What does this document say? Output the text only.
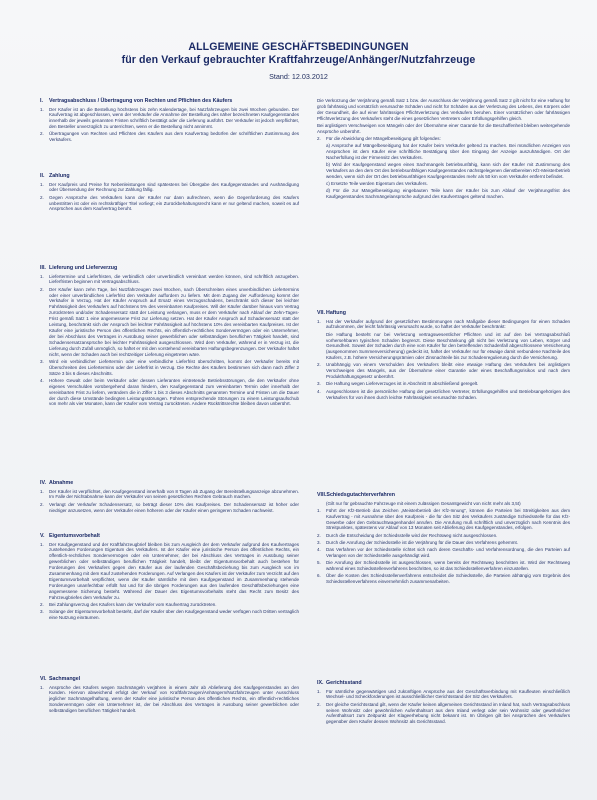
ALLGEMEINE GESCHÄFTSBEDINGUNGEN
für den Verkauf gebrauchter Kraftfahrzeuge/Anhänger/Nutzfahrzeuge
Stand: 12.03.2012
I.	Vertragsabschluss / Übertragung von Rechten und Pflichten des Käufers
1.	Der Käufer ist an die Bestellung höchstens bis zehn Kalendertage, bei Nutzfahrzeugen bis zwei Wochen gebunden. Der Kaufvertrag ist abgeschlossen, wenn der Verkäufer die Annahme der Bestellung des näher bezeichneten Kaufgegenstandes innerhalb der jeweils genannten Fristen schriftlich bestätigt oder die Lieferung ausführt. Der Verkäufer ist jedoch verpflichtet, den Besteller unverzüglich zu unterrichten, wenn er die Bestellung nicht annimmt.

2.	Übertragungen von Rechten und Pflichten des Käufers aus dem Kaufvertrag bedürfen der schriftlichen Zustimmung des Verkäufers.

II. Zahlung
1.	Der Kaufpreis und Preise für Nebenleistungen sind spätestens bei Übergabe des Kaufgegenstandes und Aushändigung oder Übersendung der Rechnung zur Zahlung fällig.

2.	Gegen Ansprüche des Verkäufers kann der Käufer nur dann aufrechnen, wenn die Gegenforderung des Käufers unbestritten ist oder ein rechtskräftiger Titel vorliegt; ein Zurückbehaltungsrecht kann er nur geltend machen, soweit es auf Ansprüchen aus dem Kaufvertrag beruht.

III. Lieferung und Lieferverzug
1.	Liefertermine und Lieferfristen, die verbindlich oder unverbindlich vereinbart werden können, sind schriftlich anzugeben. Lieferfristen beginnen mit Vertragsabschluss.

2.	Der Käufer kann zehn Tage, bei Nutzfahrzeugen zwei Wochen, nach Überschreiten eines unverbindlichen Liefertermins oder einer unverbindlichen Lieferfrist den Verkäufer auffordern zu liefern. Mit dem Zugang der Aufforderung kommt der Verkäufer in Verzug. Hat der Käufer Anspruch auf Ersatz eines Verzugsschadens, beschränkt sich dieser bei leichter Fahrlässigkeit des Verkäufers auf höchstens 5% des vereinbarten Kaufpreises. Will der Käufer darüber hinaus vom Vertrag zurücktreten und/oder Schadensersatz statt der Leistung verlangen, muss er dem Verkäufer nach Ablauf der Zehn-Tages-Frist gemäß Satz 1 eine angemessene Frist zur Lieferung setzen. Hat der Käufer Anspruch auf Schadensersatz statt der Leistung, beschränkt sich der Anspruch bei leichter Fahrlässigkeit auf höchstens 10% des vereinbarten Kaufpreises. Ist der Käufer eine juristische Person des öffentlichen Rechts, ein öffentlich-rechtliches Sondervermögen oder ein Unternehmer, der bei Abschluss des Vertrages in Ausübung seiner gewerblichen oder selbständigen beruflichen Tätigkeit handelt, sind Schadensersatzansprüche bei leichter Fahrlässigkeit ausgeschlossen. Wird dem Verkäufer, während er in Verzug ist, die Lieferung durch Zufall unmöglich, so haftet er mit den vorstehend vereinbarten Haftungsbegrenzungen. Der Verkäufer haftet nicht, wenn der Schaden auch bei rechtzeitiger Lieferung eingetreten wäre.

3.	Wird ein verbindlicher Liefertermin oder eine verbindliche Lieferfrist überschritten, kommt der Verkäufer bereits mit Überschreiten des Liefertermins oder der Lieferfrist in Verzug. Die Rechte des Käufers bestimmen sich dann nach Ziffer 2 Sätze 3 bis 6 dieses Abschnitts.

4.	Höhere Gewalt oder beim Verkäufer oder dessen Lieferanten eintretende Betriebsstörungen, die den Verkäufer ohne eigenes Verschulden vorübergehend daran hindern, den Kaufgegenstand zum vereinbarten Termin oder innerhalb der vereinbarten Frist zu liefern, verändern die in Ziffer 1 bis 3 dieses Abschnitts genannten Termine und Fristen um die Dauer der durch diese Umstände bedingten Leistungsstörungen. Führen entsprechende Störungen zu einem Leistungsaufschub von mehr als vier Monaten, kann der Käufer vom Vertrag zurücktreten. Andere Rücktrittsrechte bleiben davon unberührt.

IV. Abnahme
1.	Der Käufer ist verpflichtet, den Kaufgegenstand innerhalb von 8 Tagen ab Zugang der Bereitstellungsanzeige abzunehmen. Im Falle der Nichtabnahme kann der Verkäufer von seinen gesetzlichen Rechten Gebrauch machen.

2.	Verlangt der Verkäufer Schadensersatz, so beträgt dieser 10% des Kaufpreises. Der Schadensersatz ist höher oder niedriger anzusetzen, wenn der Verkäufer einen höheren oder der Käufer einen geringeren Schaden nachweist.

V. Eigentumsvorbehalt
1.	Der Kaufgegenstand und der Kraftfahrzeugbrief bleiben bis zum Ausgleich der dem Verkäufer aufgrund des Kaufvertrages zustehenden Forderungen Eigentum des Verkäufers. Ist der Käufer eine juristische Person des öffentlichen Rechts, ein öffentlich-rechtliches Sondervermögen oder ein Unternehmer, der bei Abschluss des Vertrages in Ausübung seiner gewerblichen oder selbständigen beruflichen Tätigkeit handelt, bleibt der Eigentumsvorbehalt auch bestehen für Forderungen des Verkäufers gegen den Käufer aus der laufenden Geschäftsbeziehung bis zum Ausgleich von im Zusammenhang mit dem Kauf zustehenden Forderungen. Auf Verlangen des Käufers ist der Verkäufer zum Verzicht auf den Eigentumsvorbehalt verpflichtet, wenn der Käufer sämtliche mit dem Kaufgegenstand im Zusammenhang stehende Forderungen unanfechtbar erfüllt hat und für die übrigen Forderungen aus den laufenden Geschäftsbeziehungen eine angemessene Sicherung besteht. Während der Dauer des Eigentumsvorbehalts steht das Recht zum Besitz des Fahrzeugbriefes dem Verkäufer zu.

2.	Bei Zahlungsverzug des Käufers kann der Verkäufer vom Kaufvertrag zurücktreten.

3.	Solange der Eigentumsvorbehalt besteht, darf der Käufer über den Kaufgegenstand weder verfügen noch Dritten vertraglich eine Nutzung einräumen.

VI. Sachmangel
1.	Ansprüche des Käufers wegen Sachmängeln verjähren in einem Jahr ab Ablieferung des Kaufgegenstandes an den Kunden. Hiervon abweichend erfolgt der Verkauf von Kraftfahrzeugen/Anhängern/Nutzfahrzeugen unter Ausschluss jeglicher Sachmängelhaftung, wenn der Käufer eine juristische Person des öffentlichen Rechts, ein öffentlich-rechtliches Sondervermögen oder ein Unternehmer ist, der bei Abschluss des Vertrages in Ausübung seiner gewerblichen oder selbständigen beruflichen Tätigkeit handelt.

Die Verkürzung der Verjährung gemäß Satz 1 bzw. der Ausschluss der Verjährung gemäß Satz 2 gilt nicht für eine Haftung für grob fahrlässig und vorsätzlich verursachte Schäden und nicht für Schäden aus der Verletzung des Lebens, des Körpers oder der Gesundheit, die auf einer fahrlässigen Pflichtverletzung des Verkäufers beruhen. Einer vorsätzlichen oder fahrlässigen Pflichtverletzung des Verkäufers steht die eines gesetzlichen Vertreters oder Erfüllungsgehilfen gleich.

Bei arglistigem Verschweigen von Mängeln oder der Übernahme einer Garantie für die Beschaffenheit bleiben weitergehende Ansprüche unberührt.

2.	Für die Abwicklung der Mängelbeseitigung gilt folgendes:

a) Ansprüche auf Mängelbeseitigung hat der Käufer beim Verkäufer geltend zu machen. Bei mündlichen Anzeigen von Ansprüchen ist dem Käufer eine schriftliche Bestätigung über den Eingang der Anzeige auszuhändigen. Ort der Nacherfüllung ist der Firmensitz des Verkäufers.

b) Wird der Kaufgegenstand wegen eines Sachmangels betriebsunfähig, kann sich der Käufer mit Zustimmung des Verkäufers an den dem Ort des betriebsunfähigen Kaufgegenstandes nächstgelegenen dienstbereiten Kfz-Meisterbetrieb wenden, wenn sich der Ort des betriebsunfähigen Kaufgegenstandes mehr als 50 km vom Verkäufer entfernt befindet.

c) Ersetzte Teile werden Eigentum des Verkäufers.

d) Für die zur Mängelbeseitigung eingebauten Teile kann der Käufer bis zum Ablauf der Verjährungsfrist des Kaufgegenstandes Sachmängelansprüche aufgrund des Kaufvertrages geltend machen.

VII. Haftung
1.	Hat der Verkäufer aufgrund der gesetzlichen Bestimmungen nach Maßgabe dieser Bedingungen für einen Schaden aufzukommen, der leicht fahrlässig verursacht wurde, so haftet der Verkäufer beschränkt:

Die Haftung besteht nur bei Verletzung vertragswesentlicher Pflichten und ist auf den bei Vertragsabschluß vorhersehbaren typischen Schaden begrenzt. Diese Beschränkung gilt nicht bei Verletzung von Leben, Körper und Gesundheit. Soweit der Schaden durch eine vom Käufer für den betreffenden Schadenfall abgeschlossene Versicherung (ausgenommen Summenversicherung) gedeckt ist, haftet der Verkäufer nur für etwaige damit verbundene Nachteile des Käufers, z.B. höhere Versicherungsprämien oder Zinsnachteile bis zur Schadenregulierung durch die Versicherung.

2.	Unabhängig von einem Verschulden des Verkäufers bleibt eine etwaige Haftung des Verkäufers bei arglistigem Verschweigen des Mangels, aus der Übernahme einer Garantie oder eines Beschaffungsrisikos und nach dem Produkthaftungsgesetz unberührt.

3.	Die Haftung wegen Lieferverzuges ist in Abschnitt III abschließend geregelt.

4.	Ausgeschlossen ist die persönliche Haftung der gesetzlichen Vertreter, Erfüllungsgehilfen und Betriebsangehörigen des Verkäufers für von ihnen durch leichte Fahrlässigkeit verursachte Schäden.

VIII. Schiedsgutachterverfahren

(Gilt nur für gebrauchte Fahrzeuge mit einem zulässigen Gesamtgewicht von nicht mehr als 3,5t)

1.	Führt der Kfz-Betrieb das Zeichen „Meisterbetrieb der Kfz-Innung“, können die Parteien bei Streitigkeiten aus dem Kaufvertrag - mit Ausnahme über den Kaufpreis - die für den Sitz des Verkäufers zuständige Schiedsstelle für das Kfz-Gewerbe oder den Gebrauchtwagenhandel anrufen. Die Anrufung muß schriftlich und unverzüglich nach Kenntnis des Streitpunktes, spätestens vor Ablauf von 13 Monaten seit Ablieferung des Kaufgegenstandes, erfolgen.

2.	Durch die Entscheidung der Schiedsstelle wird der Rechtsweg nicht ausgeschlossen.

3.	Durch die Anrufung der Schiedsstelle ist die Verjährung für die Dauer des Verfahrens gehemmt.

4.	Das Verfahren vor der Schiedsstelle richtet sich nach deren Geschäfts- und Verfahrensordnung, die den Parteien auf Verlangen von der Schiedsstelle ausgehändigt wird.

5.	Die Anrufung der Schiedsstelle ist ausgeschlossen, wenn bereits der Rechtsweg beschritten ist. Wird der Rechtsweg während eines Schiedsstellenverfahrens beschritten, so ist das Schiedsstellenverfahren einzustellen.

6.	Über die Kosten des Schiedsstellenverfahrens entscheidet die Schiedsstelle, die Parteien abhängig vom Ergebnis des Schiedsstellenverfahrens einvernehmlich zusammenarbeiten.

IX. Gerichtsstand
1.	Für sämtliche gegenwärtigen und zukünftigen Ansprüche aus der Geschäftsverbindung mit Kaufleuten einschließlich Wechsel- und Scheckforderungen ist ausschließlicher Gerichtsstand der Sitz des Verkäufers.

2.	Der gleiche Gerichtsstand gilt, wenn der Käufer keinen allgemeinen Gerichtsstand im Inland hat, nach Vertragsabschluss seinen Wohnsitz oder gewöhnlichen Aufenthaltsort aus dem Inland verlegt oder sein Wohnsitz oder gewöhnlicher Aufenthaltsort zum Zeitpunkt der Klageerhebung nicht bekannt ist. Im Übrigen gilt bei Ansprüchen des Verkäufers gegenüber dem Käufer dessen Wohnsitz als Gerichtsstand.
